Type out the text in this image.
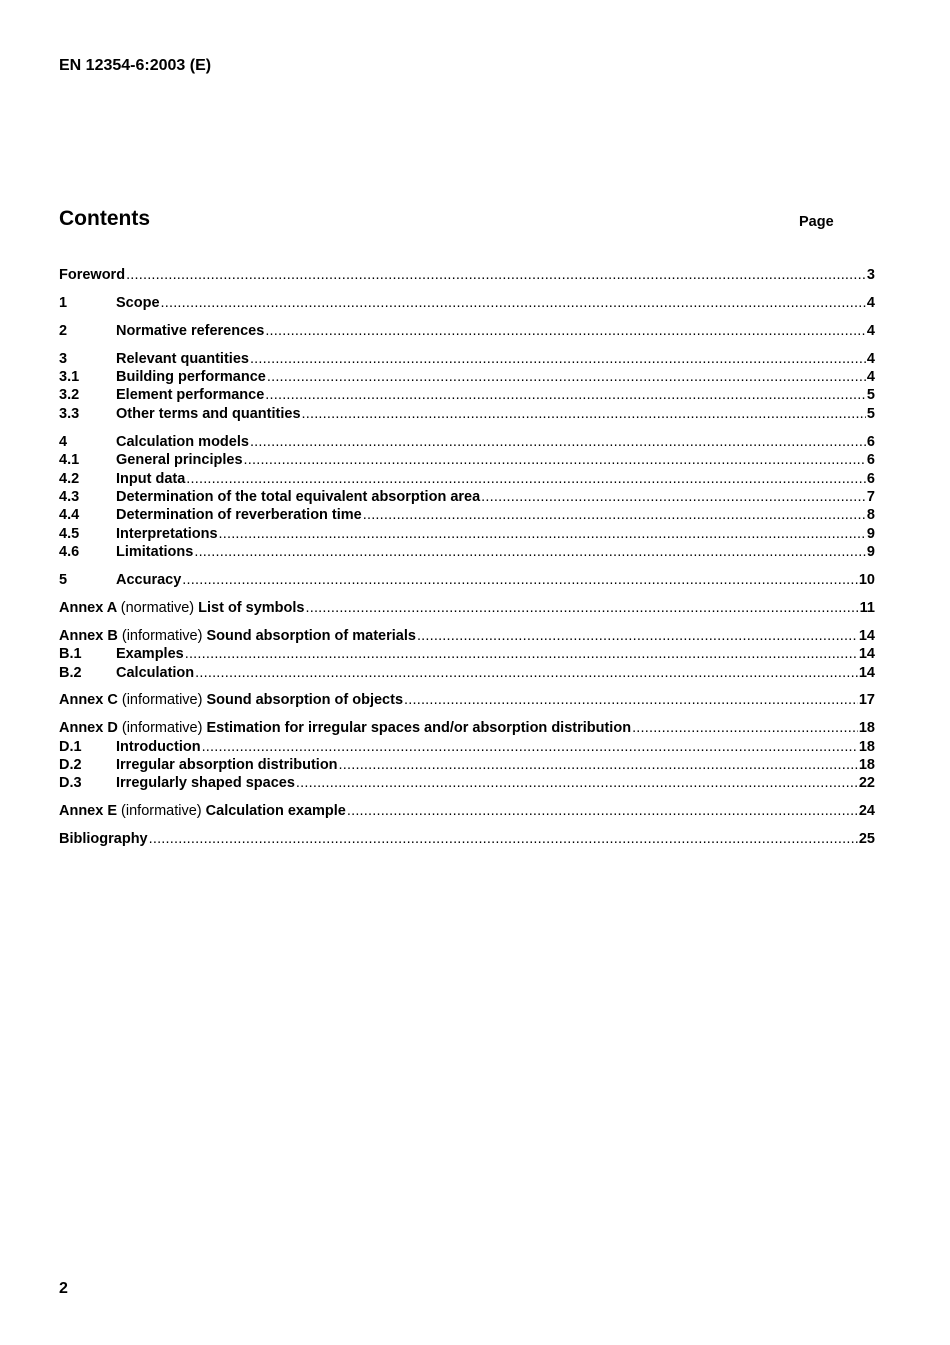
EN 12354-6:2003 (E)
Contents	Page
Foreword .....	3
1	Scope .....	4
2	Normative references .....	4
3	Relevant quantities .....	4
3.1	Building performance .....	4
3.2	Element performance .....	5
3.3	Other terms and quantities .....	5
4	Calculation models .....	6
4.1	General principles .....	6
4.2	Input data .....	6
4.3	Determination of the total equivalent absorption area .....	7
4.4	Determination of reverberation time .....	8
4.5	Interpretations .....	9
4.6	Limitations .....	9
5	Accuracy .....	10
Annex A (normative) List of symbols .....	11
Annex B (informative) Sound absorption of materials .....	14
B.1	Examples .....	14
B.2	Calculation .....	14
Annex C (informative) Sound absorption of objects .....	17
Annex D (informative) Estimation for irregular spaces and/or absorption distribution .....	18
D.1	Introduction .....	18
D.2	Irregular absorption distribution .....	18
D.3	Irregularly shaped spaces .....	22
Annex E (informative) Calculation example .....	24
Bibliography .....	25
2
